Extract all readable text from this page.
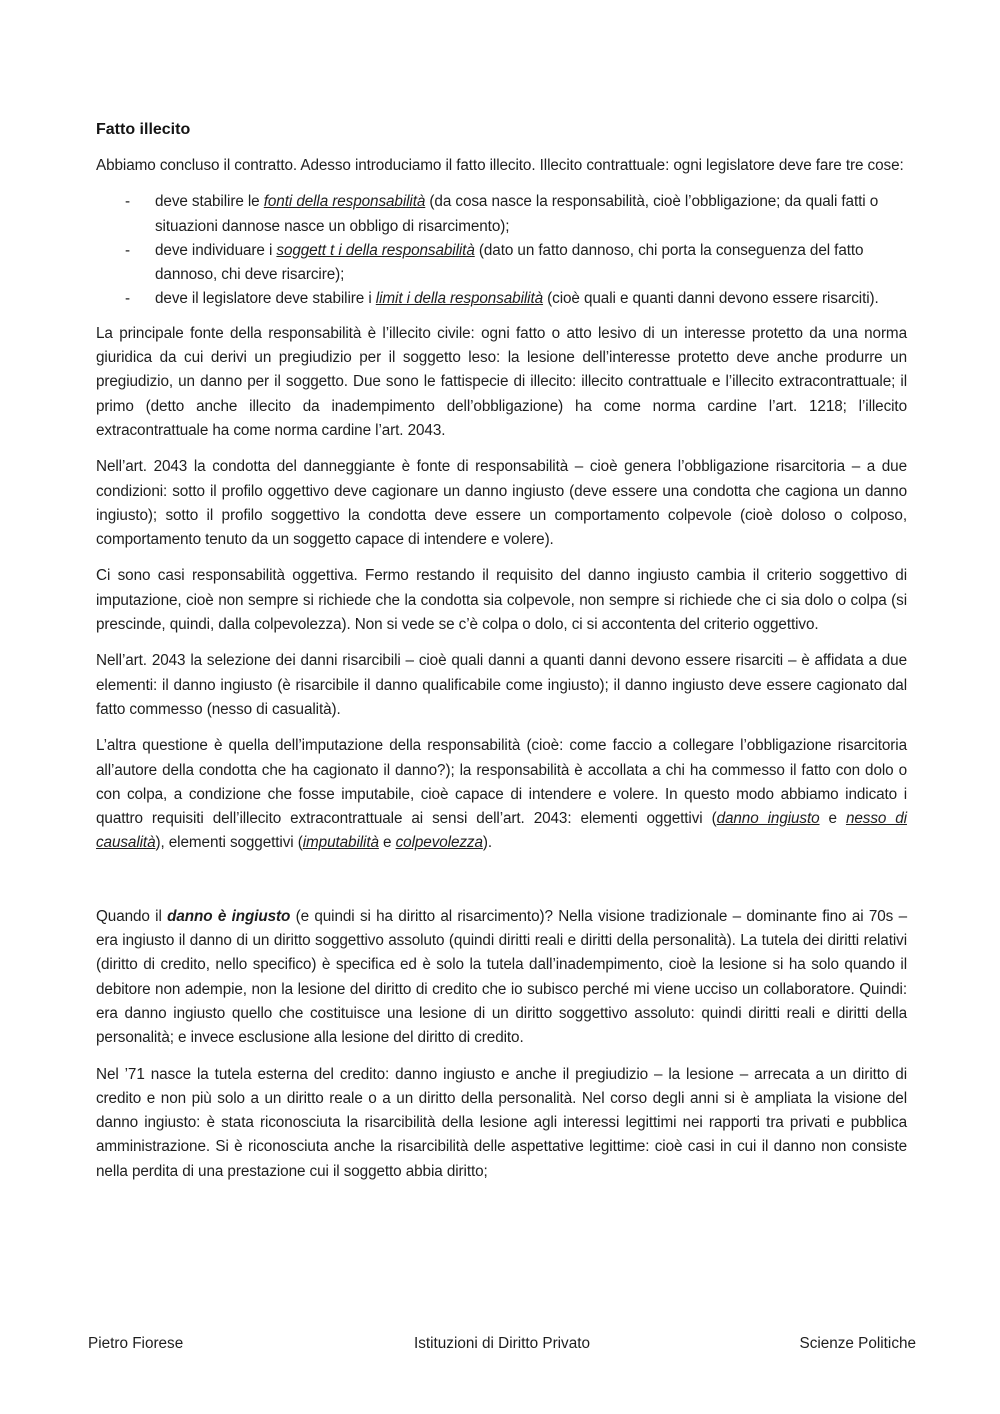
Fatto illecito

Abbiamo concluso il contratto. Adesso introduciamo il fatto illecito. Illecito contrattuale: ogni legislatore deve fare tre cose:

- deve stabilire le fonti della responsabilità (da cosa nasce la responsabilità, cioè l’obbligazione; da quali fatti o situazioni dannose nasce un obbligo di risarcimento);
- deve individuare i soggett t i della responsabilità (dato un fatto dannoso, chi porta la conseguenza del fatto dannoso, chi deve risarcire);
- deve il legislatore deve stabilire i limit i della responsabilità (cioè quali e quanti danni devono essere risarciti).

La principale fonte della responsabilità è l’illecito civile: ogni fatto o atto lesivo di un interesse protetto da una norma giuridica da cui derivi un pregiudizio per il soggetto leso: la lesione dell’interesse protetto deve anche produrre un pregiudizio, un danno per il soggetto. Due sono le fattispecie di illecito: illecito contrattuale e l’illecito extracontrattuale; il primo (detto anche illecito da inadempimento dell’obbligazione) ha come norma cardine l’art. 1218; l’illecito extracontrattuale ha come norma cardine l’art. 2043.

Nell’art. 2043 la condotta del danneggiante è fonte di responsabilità – cioè genera l’obbligazione risarcitoria – a due condizioni: sotto il profilo oggettivo deve cagionare un danno ingiusto (deve essere una condotta che cagiona un danno ingiusto); sotto il profilo soggettivo la condotta deve essere un comportamento colpevole (cioè doloso o colposo, comportamento tenuto da un soggetto capace di intendere e volere).

Ci sono casi responsabilità oggettiva. Fermo restando il requisito del danno ingiusto cambia il criterio soggettivo di imputazione, cioè non sempre si richiede che la condotta sia colpevole, non sempre si richiede che ci sia dolo o colpa (si prescinde, quindi, dalla colpevolezza). Non si vede se c’è colpa o dolo, ci si accontenta del criterio oggettivo.

Nell’art. 2043 la selezione dei danni risarcibili – cioè quali danni a quanti danni devono essere risarciti – è affidata a due elementi: il danno ingiusto (è risarcibile il danno qualificabile come ingiusto); il danno ingiusto deve essere cagionato dal fatto commesso (nesso di casualità).

L’altra questione è quella dell’imputazione della responsabilità (cioè: come faccio a collegare l’obbligazione risarcitoria all’autore della condotta che ha cagionato il danno?); la responsabilità è accollata a chi ha commesso il fatto con dolo o con colpa, a condizione che fosse imputabile, cioè capace di intendere e volere. In questo modo abbiamo indicato i quattro requisiti dell’illecito extracontrattuale ai sensi dell’art. 2043: elementi oggettivi (danno ingiusto e nesso di causalità), elementi soggettivi (imputabilità e colpevolezza).

Quando il danno è ingiusto (e quindi si ha diritto al risarcimento)? Nella visione tradizionale – dominante fino ai 70s – era ingiusto il danno di un diritto soggettivo assoluto (quindi diritti reali e diritti della personalità). La tutela dei diritti relativi (diritto di credito, nello specifico) è specifica ed è solo la tutela dall’inadempimento, cioè la lesione si ha solo quando il debitore non adempie, non la lesione del diritto di credito che io subisco perché mi viene ucciso un collaboratore. Quindi: era danno ingiusto quello che costituisce una lesione di un diritto soggettivo assoluto: quindi diritti reali e diritti della personalità; e invece esclusione alla lesione del diritto di credito.

Nel ’71 nasce la tutela esterna del credito: danno ingiusto e anche il pregiudizio – la lesione – arrecata a un diritto di credito e non più solo a un diritto reale o a un diritto della personalità. Nel corso degli anni si è ampliata la visione del danno ingiusto: è stata riconosciuta la risarcibilità della lesione agli interessi legittimi nei rapporti tra privati e pubblica amministrazione. Si è riconosciuta anche la risarcibilità delle aspettative legittime: cioè casi in cui il danno non consiste nella perdita di una prestazione cui il soggetto abbia diritto;

Pietro Fiorese	Istituzioni di Diritto Privato	Scienze Politiche
